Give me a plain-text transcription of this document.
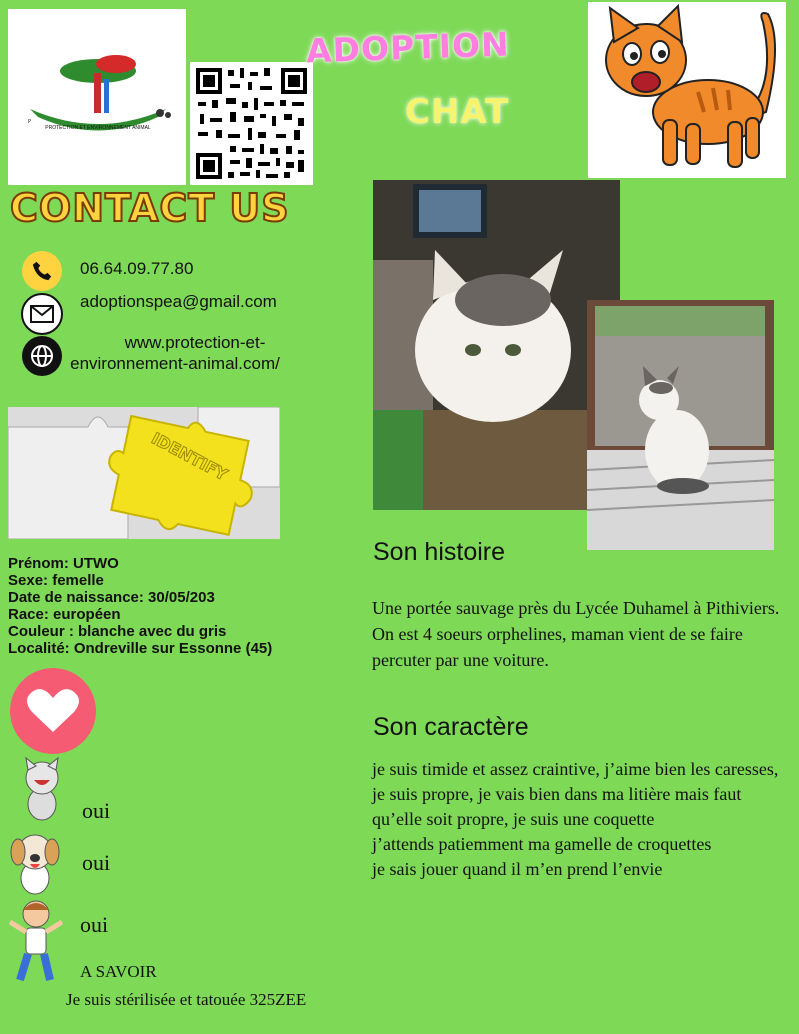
P
PROTECTION ET ENVIRONNEMENT ANIMAL
ADOPTION
CHAT
CONTACT US
06.64.09.77.80
adoptionspea@gmail.com
www.protection-et-
environnement-animal.com/
IDENTIFY
Prénom: UTWO
Sexe: femelle
Date de naissance: 30/05/203
Race: européen
Couleur : blanche avec du gris
Localité: Ondreville sur Essonne (45)
oui
oui
oui
A SAVOIR
Je suis stérilisée et tatouée 325ZEE
Son histoire
Une portée sauvage près du Lycée Duhamel à Pithiviers. On est 4 soeurs orphelines, maman vient de se faire percuter par une voiture.
Son caractère
je suis timide et assez craintive, j’aime bien les caresses,
je suis propre, je vais bien dans ma litière mais faut qu’elle soit propre, je suis une coquette
j’attends patiemment ma gamelle de croquettes
je sais jouer quand il m’en prend l’envie
